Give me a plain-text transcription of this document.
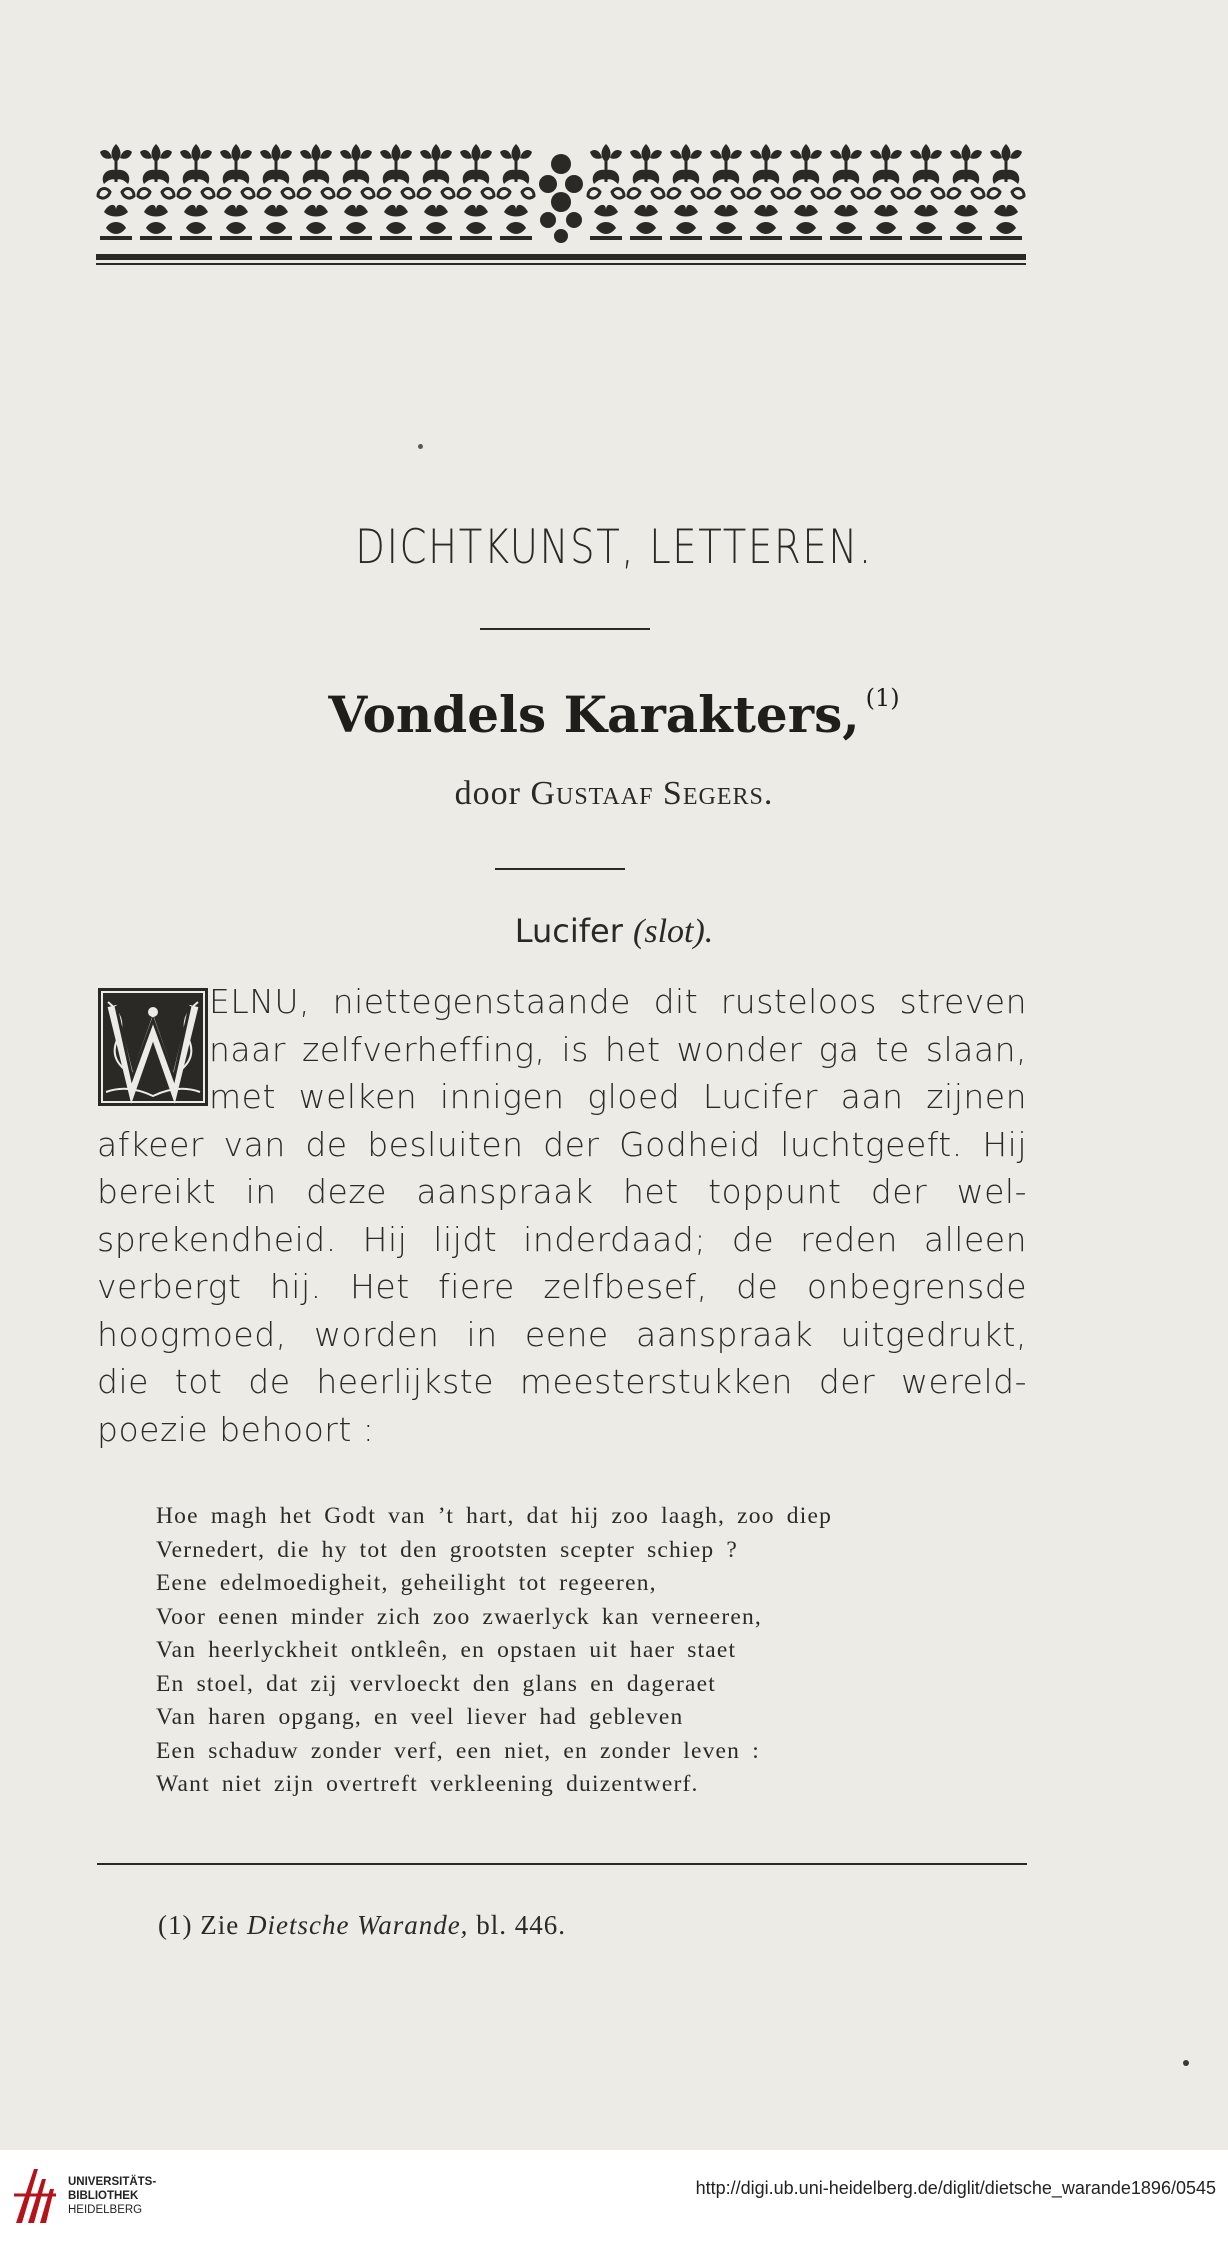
DICHTKUNST, LETTEREN.
Vondels Karakters, $^{(1)}$
door Gustaaf Segers.
Lucifer (slot).
ELNU, niettegenstaande dit rusteloos streven
naar zelfverheffing, is het wonder ga te slaan,
met welken innigen gloed Lucifer aan zijnen
afkeer van de besluiten der Godheid luchtgeeft. Hij
bereikt in deze aanspraak het toppunt der wel-
sprekendheid. Hij lijdt inderdaad; de reden alleen
verbergt hij. Het fiere zelfbesef, de onbegrensde
hoogmoed, worden in eene aanspraak uitgedrukt,
die tot de heerlijkste meesterstukken der wereld-
poezie behoort :
Hoe magh het Godt van ’t hart, dat hij zoo laagh, zoo diep
Vernedert, die hy tot den grootsten scepter schiep ?
Eene edelmoedigheit, geheilight tot regeeren,
Voor eenen minder zich zoo zwaerlyck kan verneeren,
Van heerlyckheit ontkleên, en opstaen uit haer staet
En stoel, dat zij vervloeckt den glans en dageraet
Van haren opgang, en veel liever had gebleven
Een schaduw zonder verf, een niet, en zonder leven :
Want niet zijn overtreft verkleening duizentwerf.
(1) Zie Dietsche Warande, bl. 446.
UNIVERSITÄTS-
BIBLIOTHEK
HEIDELBERG
http://digi.ub.uni-heidelberg.de/diglit/dietsche_warande1896/0545
